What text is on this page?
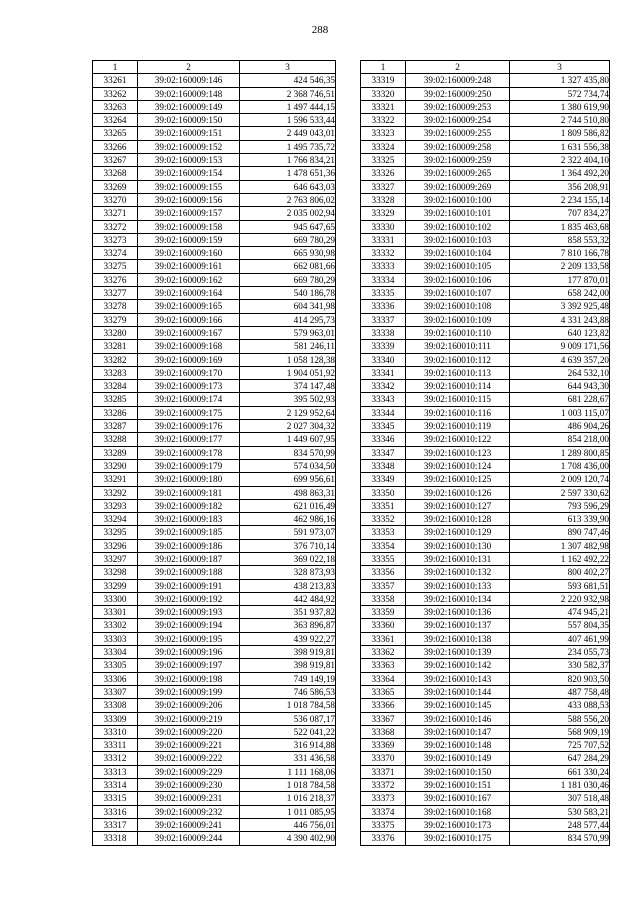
288
1	2	3
33261	39:02:160009:146	424 546,35
33262	39:02:160009:148	2 368 746,51
33263	39:02:160009:149	1 497 444,15
33264	39:02:160009:150	1 596 533,44
33265	39:02:160009:151	2 449 043,01
33266	39:02:160009:152	1 495 735,72
33267	39:02:160009:153	1 766 834,21
33268	39:02:160009:154	1 478 651,36
33269	39:02:160009:155	646 643,03
33270	39:02:160009:156	2 763 806,02
33271	39:02:160009:157	2 035 002,94
33272	39:02:160009:158	945 647,65
33273	39:02:160009:159	669 780,29
33274	39:02:160009:160	665 930,98
33275	39:02:160009:161	662 081,66
33276	39:02:160009:162	669 780,29
33277	39:02:160009:164	540 186,78
33278	39:02:160009:165	604 341,98
33279	39:02:160009:166	414 295,73
33280	39:02:160009:167	579 963,01
33281	39:02:160009:168	581 246,11
33282	39:02:160009:169	1 058 128,38
33283	39:02:160009:170	1 904 051,92
33284	39:02:160009:173	374 147,48
33285	39:02:160009:174	395 502,93
33286	39:02:160009:175	2 129 952,64
33287	39:02:160009:176	2 027 304,32
33288	39:02:160009:177	1 449 607,95
33289	39:02:160009:178	834 570,99
33290	39:02:160009:179	574 034,50
33291	39:02:160009:180	699 956,61
33292	39:02:160009:181	498 863,31
33293	39:02:160009:182	621 016,49
33294	39:02:160009:183	462 986,16
33295	39:02:160009:185	591 973,07
33296	39:02:160009:186	376 710,14
33297	39:02:160009:187	369 022,18
33298	39:02:160009:188	328 873,93
33299	39:02:160009:191	438 213,83
33300	39:02:160009:192	442 484,92
33301	39:02:160009:193	351 937,82
33302	39:02:160009:194	363 896,87
33303	39:02:160009:195	439 922,27
33304	39:02:160009:196	398 919,81
33305	39:02:160009:197	398 919,81
33306	39:02:160009:198	749 149,19
33307	39:02:160009:199	746 586,53
33308	39:02:160009:206	1 018 784,58
33309	39:02:160009:219	536 087,17
33310	39:02:160009:220	522 041,22
33311	39:02:160009:221	316 914,88
33312	39:02:160009:222	331 436,58
33313	39:02:160009:229	1 111 168,06
33314	39:02:160009:230	1 018 784,58
33315	39:02:160009:231	1 016 218,37
33316	39:02:160009:232	1 011 085,95
33317	39:02:160009:241	446 756,01
33318	39:02:160009:244	4 390 402,90
1	2	3
33319	39:02:160009:248	1 327 435,80
33320	39:02:160009:250	572 734,74
33321	39:02:160009:253	1 380 619,90
33322	39:02:160009:254	2 744 510,80
33323	39:02:160009:255	1 809 586,82
33324	39:02:160009:258	1 631 556,38
33325	39:02:160009:259	2 322 404,10
33326	39:02:160009:265	1 364 492,20
33327	39:02:160009:269	356 208,91
33328	39:02:160010:100	2 234 155,14
33329	39:02:160010:101	707 834,27
33330	39:02:160010:102	1 835 463,68
33331	39:02:160010:103	858 553,32
33332	39:02:160010:104	7 810 166,78
33333	39:02:160010:105	2 209 133,58
33334	39:02:160010:106	177 870,01
33335	39:02:160010:107	658 242,00
33336	39:02:160010:108	3 392 925,48
33337	39:02:160010:109	4 331 243,88
33338	39:02:160010:110	640 123,82
33339	39:02:160010:111	9 009 171,56
33340	39:02:160010:112	4 639 357,20
33341	39:02:160010:113	264 532,10
33342	39:02:160010:114	644 943,30
33343	39:02:160010:115	681 228,67
33344	39:02:160010:116	1 003 115,07
33345	39:02:160010:119	486 904,26
33346	39:02:160010:122	854 218,00
33347	39:02:160010:123	1 289 800,85
33348	39:02:160010:124	1 708 436,00
33349	39:02:160010:125	2 009 120,74
33350	39:02:160010:126	2 597 330,62
33351	39:02:160010:127	793 596,29
33352	39:02:160010:128	613 339,90
33353	39:02:160010:129	890 747,46
33354	39:02:160010:130	1 307 482,98
33355	39:02:160010:131	1 162 492,22
33356	39:02:160010:132	800 402,27
33357	39:02:160010:133	593 681,51
33358	39:02:160010:134	2 220 932,98
33359	39:02:160010:136	474 945,21
33360	39:02:160010:137	557 804,35
33361	39:02:160010:138	407 461,99
33362	39:02:160010:139	234 055,73
33363	39:02:160010:142	330 582,37
33364	39:02:160010:143	820 903,50
33365	39:02:160010:144	487 758,48
33366	39:02:160010:145	433 088,53
33367	39:02:160010:146	588 556,20
33368	39:02:160010:147	568 909,19
33369	39:02:160010:148	725 707,52
33370	39:02:160010:149	647 284,29
33371	39:02:160010:150	661 330,24
33372	39:02:160010:151	1 181 030,46
33373	39:02:160010:167	307 518,48
33374	39:02:160010:168	530 583,21
33375	39:02:160010:173	248 577,44
33376	39:02:160010:175	834 570,99
